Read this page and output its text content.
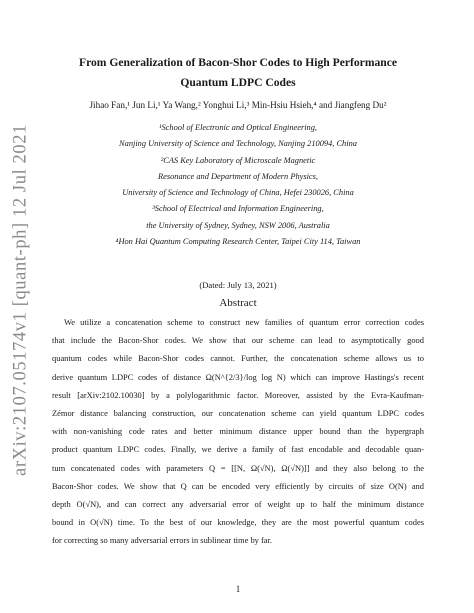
arXiv:2107.05174v1 [quant-ph] 12 Jul 2021
From Generalization of Bacon-Shor Codes to High Performance
Quantum LDPC Codes
Jihao Fan,¹ Jun Li,¹ Ya Wang,² Yonghui Li,³ Min-Hsiu Hsieh,⁴ and Jiangfeng Du²
¹School of Electronic and Optical Engineering,
Nanjing University of Science and Technology, Nanjing 210094, China
²CAS Key Laboratory of Microscale Magnetic
Resonance and Department of Modern Physics,
University of Science and Technology of China, Hefei 230026, China
³School of Electrical and Information Engineering,
the University of Sydney, Sydney, NSW 2006, Australia
⁴Hon Hai Quantum Computing Research Center, Taipei City 114, Taiwan
(Dated: July 13, 2021)
Abstract
We utilize a concatenation scheme to construct new families of quantum error correction codes
that include the Bacon-Shor codes. We show that our scheme can lead to asymptotically good
quantum codes while Bacon-Shor codes cannot. Further, the concatenation scheme allows us to
derive quantum LDPC codes of distance Ω(N^{2/3}/log log N) which can improve Hastings's recent
result [arXiv:2102.10030] by a polylogarithmic factor. Moreover, assisted by the Evra-Kaufman-
Zémor distance balancing construction, our concatenation scheme can yield quantum LDPC codes
with non-vanishing code rates and better minimum distance upper bound than the hypergraph
product quantum LDPC codes. Finally, we derive a family of fast encodable and decodable quan-
tum concatenated codes with parameters Q = [[N, Ω(√N), Ω(√N)]] and they also belong to the
Bacon-Shor codes. We show that Q can be encoded very efficiently by circuits of size O(N) and
depth O(√N), and can correct any adversarial error of weight up to half the minimum distance
bound in O(√N) time. To the best of our knowledge, they are the most powerful quantum codes
for correcting so many adversarial errors in sublinear time by far.
1
